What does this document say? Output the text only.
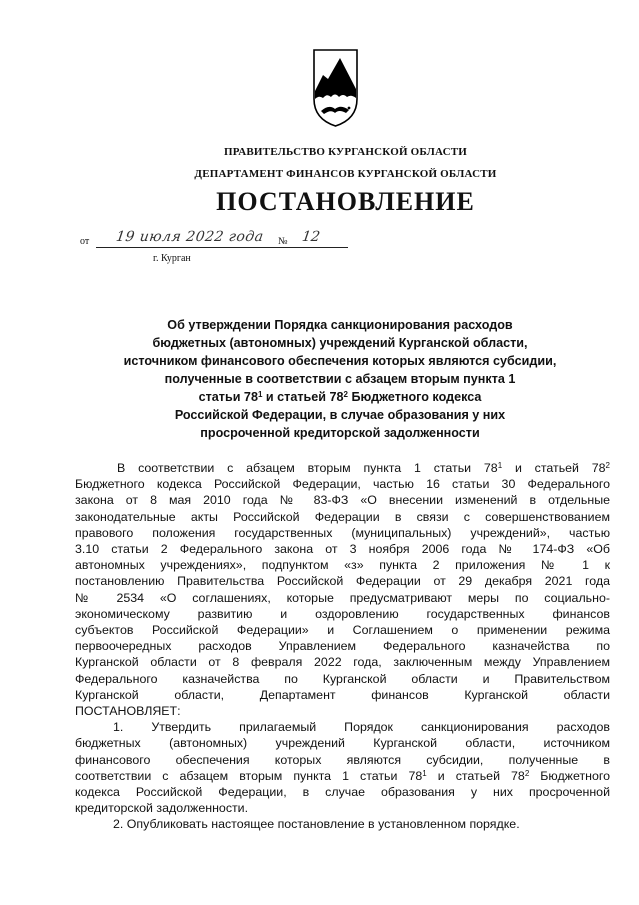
ПРАВИТЕЛЬСТВО КУРГАНСКОЙ ОБЛАСТИ
ДЕПАРТАМЕНТ ФИНАНСОВ КУРГАНСКОЙ ОБЛАСТИ
ПОСТАНОВЛЕНИЕ
от 19 июля 2022 года № 12
г. Курган
Об утверждении Порядка санкционирования расходов
бюджетных (автономных) учреждений Курганской области,
источником финансового обеспечения которых являются субсидии,
полученные в соответствии с абзацем вторым пункта 1
статьи $78^1$ и статьей $78^2$ Бюджетного кодекса
Российской Федерации, в случае образования у них
просроченной кредиторской задолженности
В соответствии с абзацем вторым пункта 1 статьи $78^1$ и статьей $78^2$
Бюджетного кодекса Российской Федерации, частью 16 статьи 30 Федерального
закона от 8 мая 2010 года № 83-ФЗ «О внесении изменений в отдельные
законодательные акты Российской Федерации в связи с совершенствованием
правового положения государственных (муниципальных) учреждений», частью
3.10 статьи 2 Федерального закона от 3 ноября 2006 года № 174-ФЗ «Об
автономных учреждениях», подпунктом «з» пункта 2 приложения № 1 к
постановлению Правительства Российской Федерации от 29 декабря 2021 года
№ 2534 «О соглашениях, которые предусматривают меры по социально-
экономическому развитию и оздоровлению государственных финансов
субъектов Российской Федерации» и Соглашением о применении режима
первоочередных расходов Управлением Федерального казначейства по
Курганской области от 8 февраля 2022 года, заключенным между Управлением
Федерального казначейства по Курганской области и Правительством
Курганской области, Департамент финансов Курганской области
ПОСТАНОВЛЯЕТ:
1. Утвердить прилагаемый Порядок санкционирования расходов
бюджетных (автономных) учреждений Курганской области, источником
финансового обеспечения которых являются субсидии, полученные в
соответствии с абзацем вторым пункта 1 статьи $78^1$ и статьей $78^2$ Бюджетного
кодекса Российской Федерации, в случае образования у них просроченной
кредиторской задолженности.
2. Опубликовать настоящее постановление в установленном порядке.
